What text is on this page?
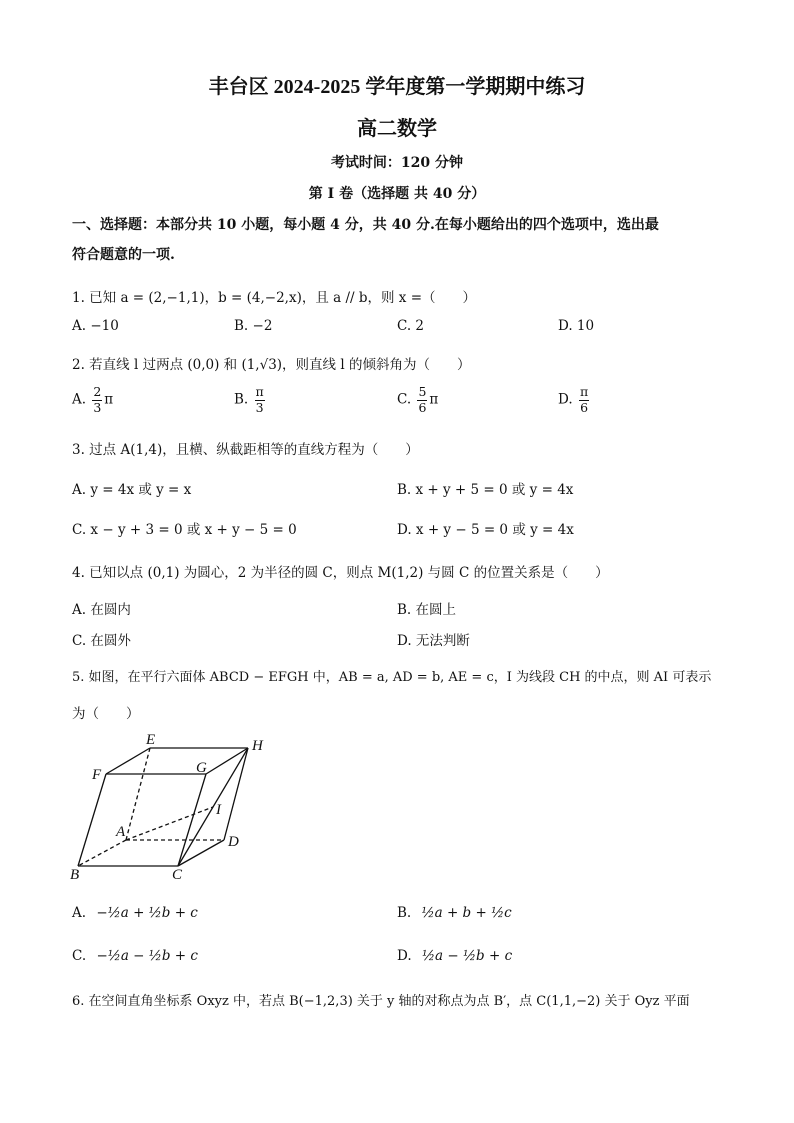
丰台区 2024-2025 学年度第一学期期中练习
高二数学
考试时间：120 分钟
第 I 卷（选择题 共 40 分）
一、选择题：本部分共 10 小题，每小题 4 分，共 40 分.在每小题给出的四个选项中，选出最
符合题意的一项.
1. 已知 a = (2,−1,1)，b = (4,−2,x)，且 a // b，则 x =（　　）
A. −10	B. −2	C. 2	D. 10
2. 若直线 l 过两点 (0,0) 和 (1,√3)，则直线 l 的倾斜角为（　　）
A. $\frac{2}{3}$ π	B. $\frac{\pi}{3}$	C. $\frac{5}{6}$ π	D. $\frac{\pi}{6}$
3. 过点 A(1,4)，且横、纵截距相等的直线方程为（　　）
A. y = 4x 或 y = x	B. x + y + 5 = 0 或 y = 4x
C. x − y + 3 = 0 或 x + y − 5 = 0	D. x + y − 5 = 0 或 y = 4x
4. 已知以点 (0,1) 为圆心，2 为半径的圆 C，则点 M(1,2) 与圆 C 的位置关系是（　　）
A. 在圆内	B. 在圆上
C. 在圆外	D. 无法判断
5. 如图，在平行六面体 ABCD − EFGH 中，AB = a, AD = b, AE = c，I 为线段 CH 的中点，则 AI 可表示
为（　　）
E	H
F	G
I
A
D
B	C
A. −½a + ½b + c	B. ½a + b + ½c
C. −½a − ½b + c	D. ½a − ½b + c
6. 在空间直角坐标系 Oxyz 中，若点 B(−1,2,3) 关于 y 轴的对称点为点 B′，点 C(1,1,−2) 关于 Oyz 平面
